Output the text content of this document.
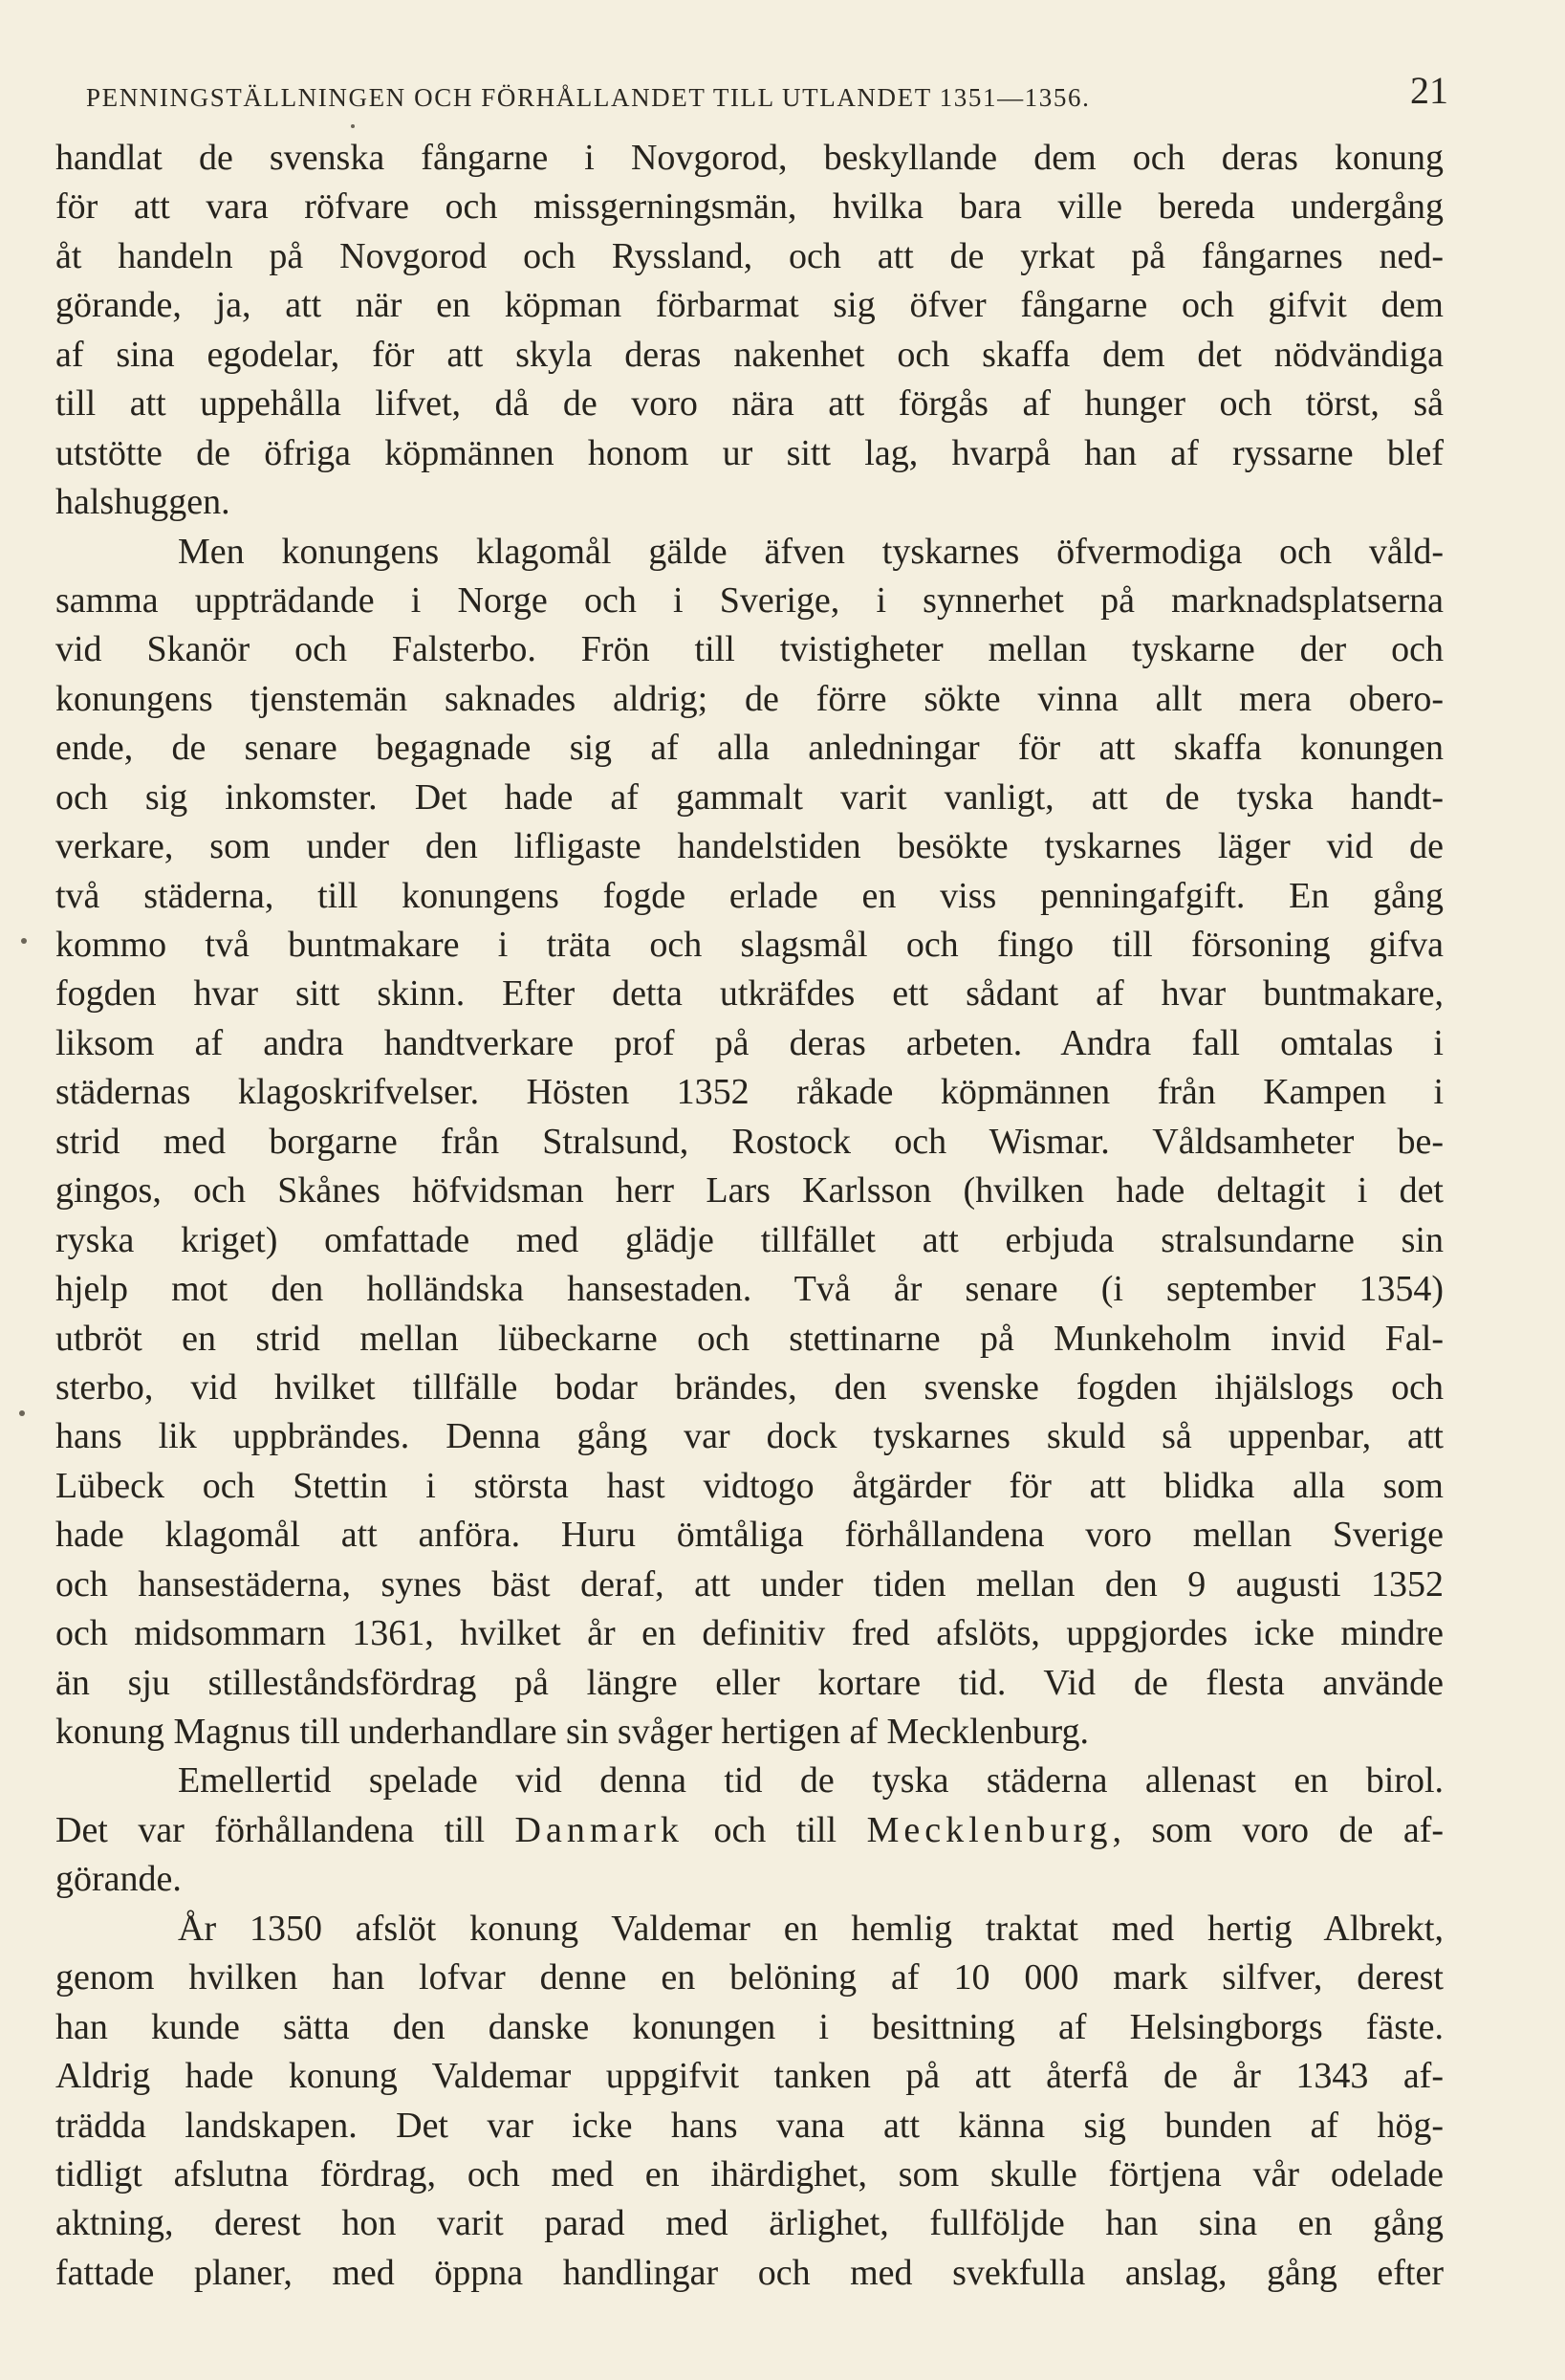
PENNINGSTÄLLNINGEN OCH FÖRHÅLLANDET TILL UTLANDET 1351—1356.	21
handlat de svenska fångarne i Novgorod, beskyllande dem och deras konung
för att vara röfvare och missgerningsmän, hvilka bara ville bereda undergång
åt handeln på Novgorod och Ryssland, och att de yrkat på fångarnes ned-
görande, ja, att när en köpman förbarmat sig öfver fångarne och gifvit dem
af sina egodelar, för att skyla deras nakenhet och skaffa dem det nödvändiga
till att uppehålla lifvet, då de voro nära att förgås af hunger och törst, så
utstötte de öfriga köpmännen honom ur sitt lag, hvarpå han af ryssarne blef
halshuggen.
Men konungens klagomål gälde äfven tyskarnes öfvermodiga och våld-
samma uppträdande i Norge och i Sverige, i synnerhet på marknadsplatserna
vid Skanör och Falsterbo. Frön till tvistigheter mellan tyskarne der och
konungens tjenstemän saknades aldrig; de förre sökte vinna allt mera obero-
ende, de senare begagnade sig af alla anledningar för att skaffa konungen
och sig inkomster. Det hade af gammalt varit vanligt, att de tyska handt-
verkare, som under den lifligaste handelstiden besökte tyskarnes läger vid de
två städerna, till konungens fogde erlade en viss penningafgift. En gång
kommo två buntmakare i träta och slagsmål och fingo till försoning gifva
fogden hvar sitt skinn. Efter detta utkräfdes ett sådant af hvar buntmakare,
liksom af andra handtverkare prof på deras arbeten. Andra fall omtalas i
städernas klagoskrifvelser. Hösten 1352 råkade köpmännen från Kampen i
strid med borgarne från Stralsund, Rostock och Wismar. Våldsamheter be-
gingos, och Skånes höfvidsman herr Lars Karlsson (hvilken hade deltagit i det
ryska kriget) omfattade med glädje tillfället att erbjuda stralsundarne sin
hjelp mot den holländska hansestaden. Två år senare (i september 1354)
utbröt en strid mellan lübeckarne och stettinarne på Munkeholm invid Fal-
sterbo, vid hvilket tillfälle bodar brändes, den svenske fogden ihjälslogs och
hans lik uppbrändes. Denna gång var dock tyskarnes skuld så uppenbar, att
Lübeck och Stettin i största hast vidtogo åtgärder för att blidka alla som
hade klagomål att anföra. Huru ömtåliga förhållandena voro mellan Sverige
och hansestäderna, synes bäst deraf, att under tiden mellan den 9 augusti 1352
och midsommarn 1361, hvilket år en definitiv fred afslöts, uppgjordes icke mindre
än sju stilleståndsfördrag på längre eller kortare tid. Vid de flesta använde
konung Magnus till underhandlare sin svåger hertigen af Mecklenburg.
Emellertid spelade vid denna tid de tyska städerna allenast en birol.
Det var förhållandena till Danmark och till Mecklenburg, som voro de af-
görande.
År 1350 afslöt konung Valdemar en hemlig traktat med hertig Albrekt,
genom hvilken han lofvar denne en belöning af 10 000 mark silfver, derest
han kunde sätta den danske konungen i besittning af Helsingborgs fäste.
Aldrig hade konung Valdemar uppgifvit tanken på att återfå de år 1343 af-
trädda landskapen. Det var icke hans vana att känna sig bunden af hög-
tidligt afslutna fördrag, och med en ihärdighet, som skulle förtjena vår odelade
aktning, derest hon varit parad med ärlighet, fullföljde han sina en gång
fattade planer, med öppna handlingar och med svekfulla anslag, gång efter
